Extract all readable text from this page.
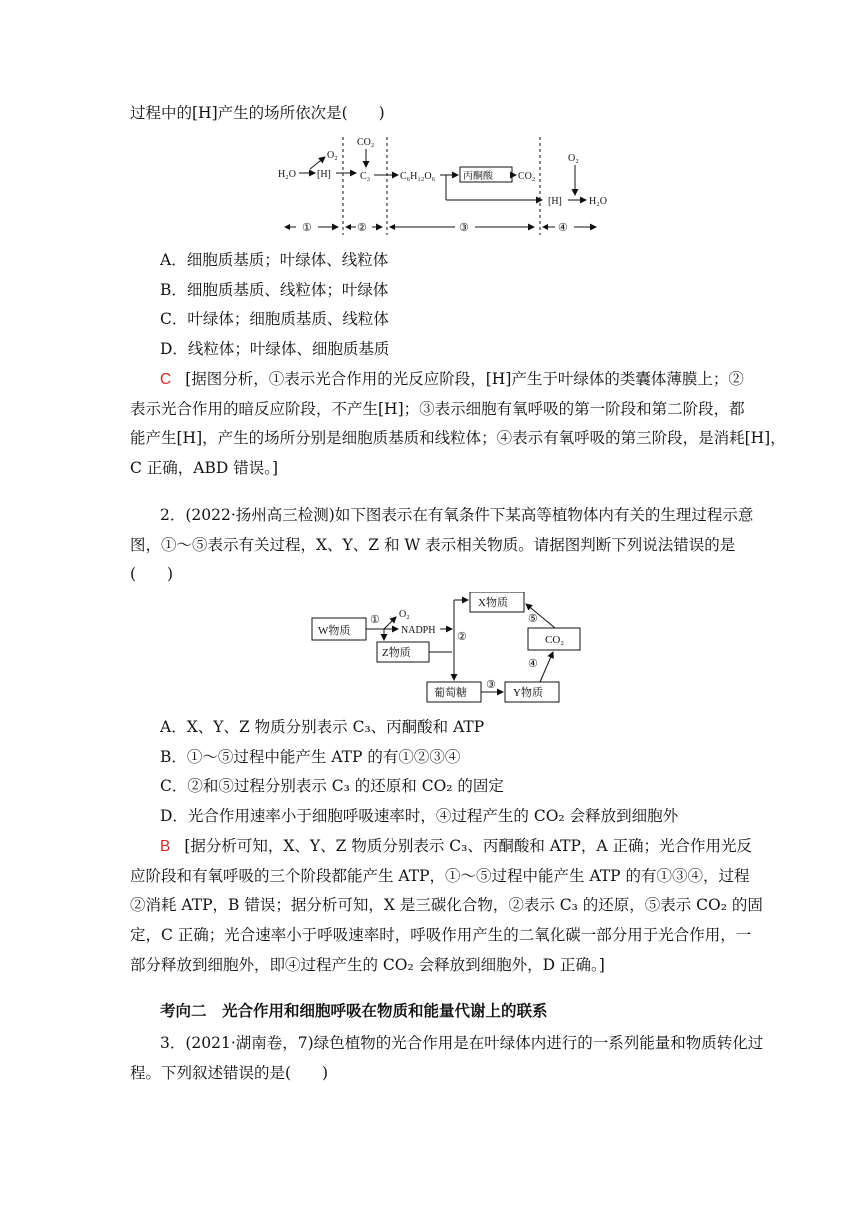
过程中的[H]产生的场所依次是(　　)
H₂O [H]
O₂
CO₂
C₃	C₆H₁₂O₆	丙酮酸	CO₂
[H]	H₂O
O₂
①	②	③	④
A．细胞质基质；叶绿体、线粒体
B．细胞质基质、线粒体；叶绿体
C．叶绿体；细胞质基质、线粒体
D．线粒体；叶绿体、细胞质基质
C [据图分析，①表示光合作用的光反应阶段，[H]产生于叶绿体的类囊体薄膜上；②
表示光合作用的暗反应阶段，不产生[H]；③表示细胞有氧呼吸的第一阶段和第二阶段，都
能产生[H]，产生的场所分别是细胞质基质和线粒体；④表示有氧呼吸的第三阶段，是消耗[H]，
C 正确，ABD 错误。]
2．(2022·扬州高三检测)如下图表示在有氧条件下某高等植物体内有关的生理过程示意
图，①～⑤表示有关过程，X、Y、Z 和 W 表示相关物质。请据图判断下列说法错误的是
(　　)
W物质
① O₂
NADPH
Z物质
②
X物质
葡萄糖
③
Y物质
④
CO₂
⑤
A．X、Y、Z 物质分别表示 C₃、丙酮酸和 ATP
B．①～⑤过程中能产生 ATP 的有①②③④
C．②和⑤过程分别表示 C₃ 的还原和 CO₂ 的固定
D．光合作用速率小于细胞呼吸速率时，④过程产生的 CO₂ 会释放到细胞外
B [据分析可知，X、Y、Z 物质分别表示 C₃、丙酮酸和 ATP，A 正确；光合作用光反
应阶段和有氧呼吸的三个阶段都能产生 ATP，①～⑤过程中能产生 ATP 的有①③④，过程
②消耗 ATP，B 错误；据分析可知，X 是三碳化合物，②表示 C₃ 的还原，⑤表示 CO₂ 的固
定，C 正确；光合速率小于呼吸速率时，呼吸作用产生的二氧化碳一部分用于光合作用，一
部分释放到细胞外，即④过程产生的 CO₂ 会释放到细胞外，D 正确。]
考向二　光合作用和细胞呼吸在物质和能量代谢上的联系
3．(2021·湖南卷，7)绿色植物的光合作用是在叶绿体内进行的一系列能量和物质转化过
程。下列叙述错误的是(　　)
